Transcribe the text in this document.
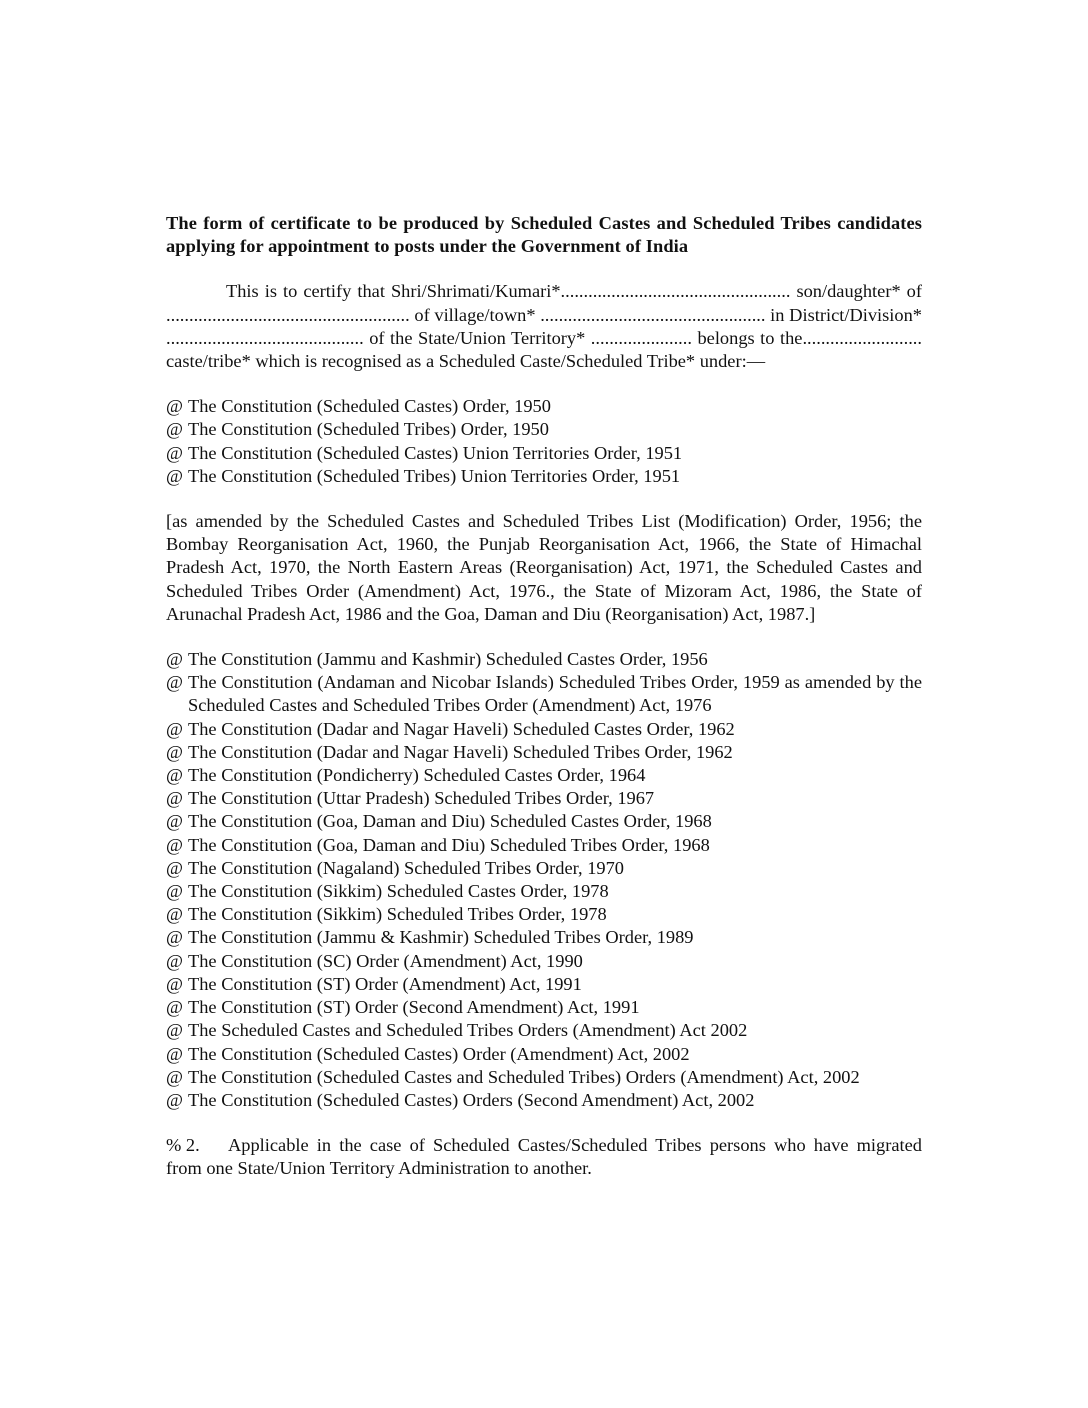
The form of certificate to be produced by Scheduled Castes and Scheduled Tribes candidates applying for appointment to posts under the Government of India

This is to certify that Shri/Shrimati/Kumari*.................................................. son/daughter* of ..................................................... of village/town* ................................................. in District/Division* ........................................... of the State/Union Territory* ...................... belongs to the.......................... caste/tribe* which is recognised as a Scheduled Caste/Scheduled Tribe* under:—

@ The Constitution (Scheduled Castes) Order, 1950
@ The Constitution (Scheduled Tribes) Order, 1950
@ The Constitution (Scheduled Castes) Union Territories Order, 1951
@ The Constitution (Scheduled Tribes) Union Territories Order, 1951

[as amended by the Scheduled Castes and Scheduled Tribes List (Modification) Order, 1956; the Bombay Reorganisation Act, 1960, the Punjab Reorganisation Act, 1966, the State of Himachal Pradesh Act, 1970, the North Eastern Areas (Reorganisation) Act, 1971, the Scheduled Castes and Scheduled Tribes Order (Amendment) Act, 1976., the State of Mizoram Act, 1986, the State of Arunachal Pradesh Act, 1986 and the Goa, Daman and Diu (Reorganisation) Act, 1987.]

@ The Constitution (Jammu and Kashmir) Scheduled Castes Order, 1956
@ The Constitution (Andaman and Nicobar Islands) Scheduled Tribes Order, 1959 as amended by the Scheduled Castes and Scheduled Tribes Order (Amendment) Act, 1976
@ The Constitution (Dadar and Nagar Haveli) Scheduled Castes Order, 1962
@ The Constitution (Dadar and Nagar Haveli) Scheduled Tribes Order, 1962
@ The Constitution (Pondicherry) Scheduled Castes Order, 1964
@ The Constitution (Uttar Pradesh) Scheduled Tribes Order, 1967
@ The Constitution (Goa, Daman and Diu) Scheduled Castes Order, 1968
@ The Constitution (Goa, Daman and Diu) Scheduled Tribes Order, 1968
@ The Constitution (Nagaland) Scheduled Tribes Order, 1970
@ The Constitution (Sikkim) Scheduled Castes Order, 1978
@ The Constitution (Sikkim) Scheduled Tribes Order, 1978
@ The Constitution (Jammu & Kashmir) Scheduled Tribes Order, 1989
@ The Constitution (SC) Order (Amendment) Act, 1990
@ The Constitution (ST) Order (Amendment) Act, 1991
@ The Constitution (ST) Order (Second Amendment) Act, 1991
@ The Scheduled Castes and Scheduled Tribes Orders (Amendment) Act 2002
@ The Constitution (Scheduled Castes) Order (Amendment) Act, 2002
@ The Constitution (Scheduled Castes and Scheduled Tribes) Orders (Amendment) Act, 2002
@ The Constitution (Scheduled Castes) Orders (Second Amendment) Act, 2002

% 2. Applicable in the case of Scheduled Castes/Scheduled Tribes persons who have migrated from one State/Union Territory Administration to another.
